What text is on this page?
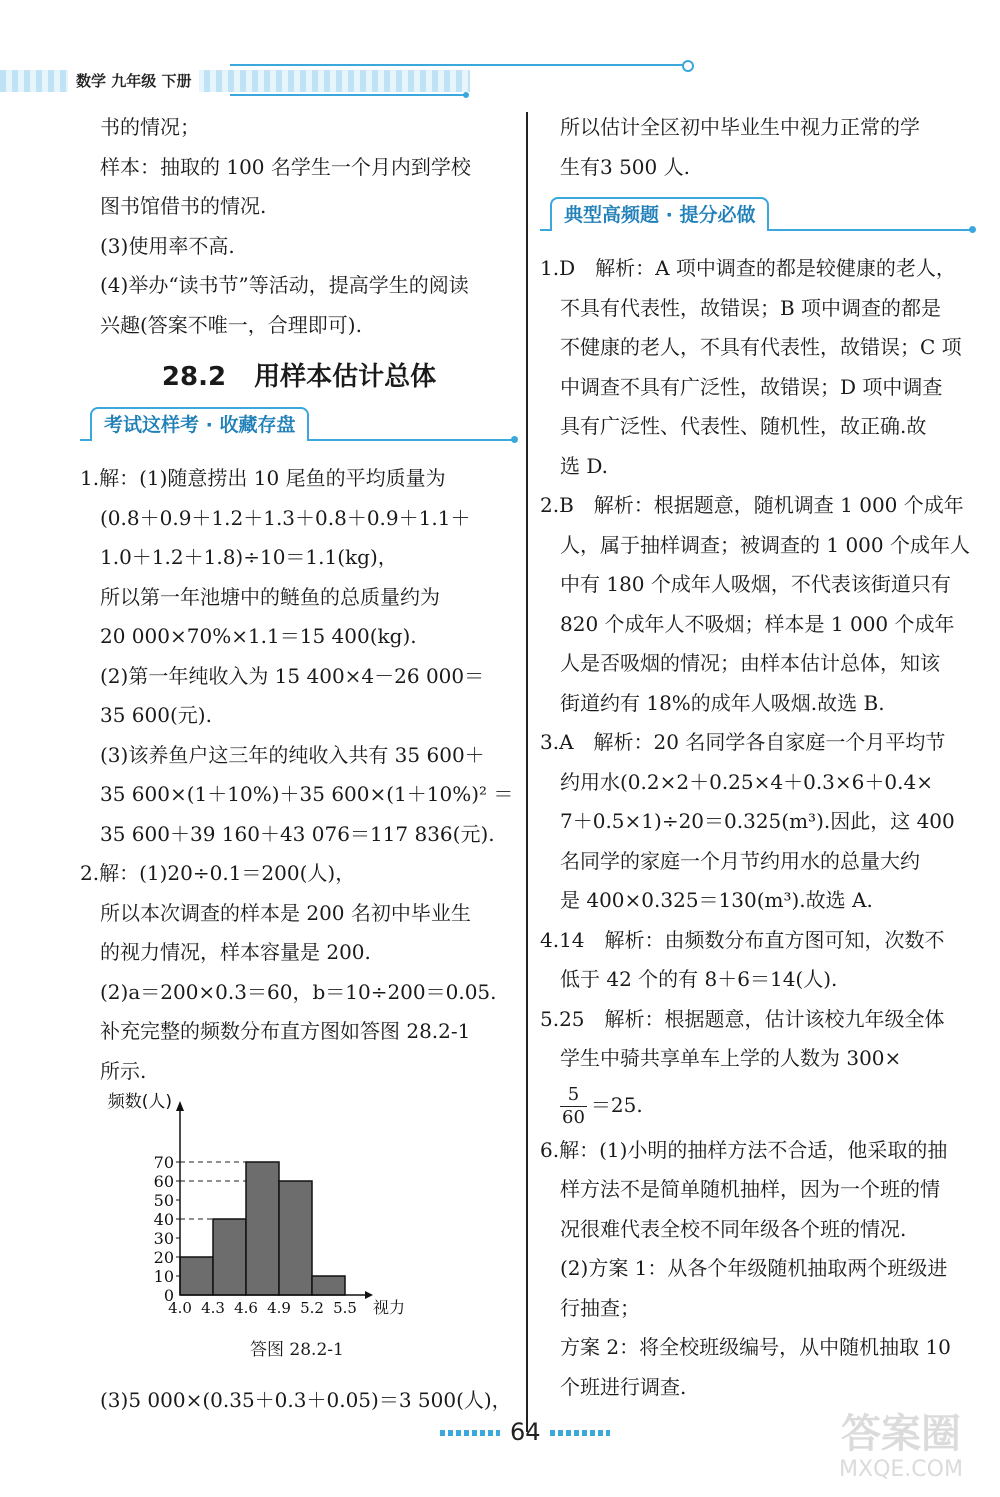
数学 九年级 下册

书的情况；

样本：抽取的 100 名学生一个月内到学校

图书馆借书的情况.

(3)使用率不高.

(4)举办“读书节”等活动，提高学生的阅读

兴趣(答案不唯一，合理即可).

28.2 用样本估计总体
考试这样考 · 收藏存盘

1.解：(1)随意捞出 10 尾鱼的平均质量为

(0.8＋0.9＋1.2＋1.3＋0.8＋0.9＋1.1＋

1.0＋1.2＋1.8)÷10＝1.1(kg)，

所以第一年池塘中的鲢鱼的总质量约为

20 000×70%×1.1＝15 400(kg).

(2)第一年纯收入为 15 400×4－26 000＝

35 600(元).

(3)该养鱼户这三年的纯收入共有 35 600＋

35 600×(1＋10%)＋35 600×(1＋10%)² ＝

35 600＋39 160＋43 076＝117 836(元).

2.解：(1)20÷0.1＝200(人)，

所以本次调查的样本是 200 名初中毕业生

的视力情况，样本容量是 200.

(2)a＝200×0.3＝60，b＝10÷200＝0.05.

补充完整的频数分布直方图如答图 28.2-1

所示.

0
10
20
30
40
50
60
70
4.0 4.3 4.6 4.9 5.2 5.5 视力
频数(人)
答图 28.2-1

(3)5 000×(0.35＋0.3＋0.05)＝3 500(人)，

所以估计全区初中毕业生中视力正常的学

生有3 500 人.

典型高频题 · 提分必做

1.D　解析：A 项中调查的都是较健康的老人，

不具有代表性，故错误；B 项中调查的都是

不健康的老人，不具有代表性，故错误；C 项

中调查不具有广泛性，故错误；D 项中调查

具有广泛性、代表性、随机性，故正确.故

选 D.

2.B　解析：根据题意，随机调查 1 000 个成年

人，属于抽样调查；被调查的 1 000 个成年人

中有 180 个成年人吸烟，不代表该街道只有

820 个成年人不吸烟；样本是 1 000 个成年

人是否吸烟的情况；由样本估计总体，知该

街道约有 18%的成年人吸烟.故选 B.

3.A　解析：20 名同学各自家庭一个月平均节

约用水(0.2×2＋0.25×4＋0.3×6＋0.4×

7＋0.5×1)÷20＝0.325(m³).因此，这 400

名同学的家庭一个月节约用水的总量大约

是 400×0.325＝130(m³).故选 A.

4.14　解析：由频数分布直方图可知，次数不

低于 42 个的有 8＋6＝14(人).

5.25　解析：根据题意，估计该校九年级全体

学生中骑共享单车上学的人数为 300×

$\frac{5}{60} =25$.

6.解：(1)小明的抽样方法不合适，他采取的抽

样方法不是简单随机抽样，因为一个班的情

况很难代表全校不同年级各个班的情况.

(2)方案 1：从各个年级随机抽取两个班级进

行抽查；

方案 2：将全校班级编号，从中随机抽取 10

个班进行调查.

64	答案圈
MXQE.COM
